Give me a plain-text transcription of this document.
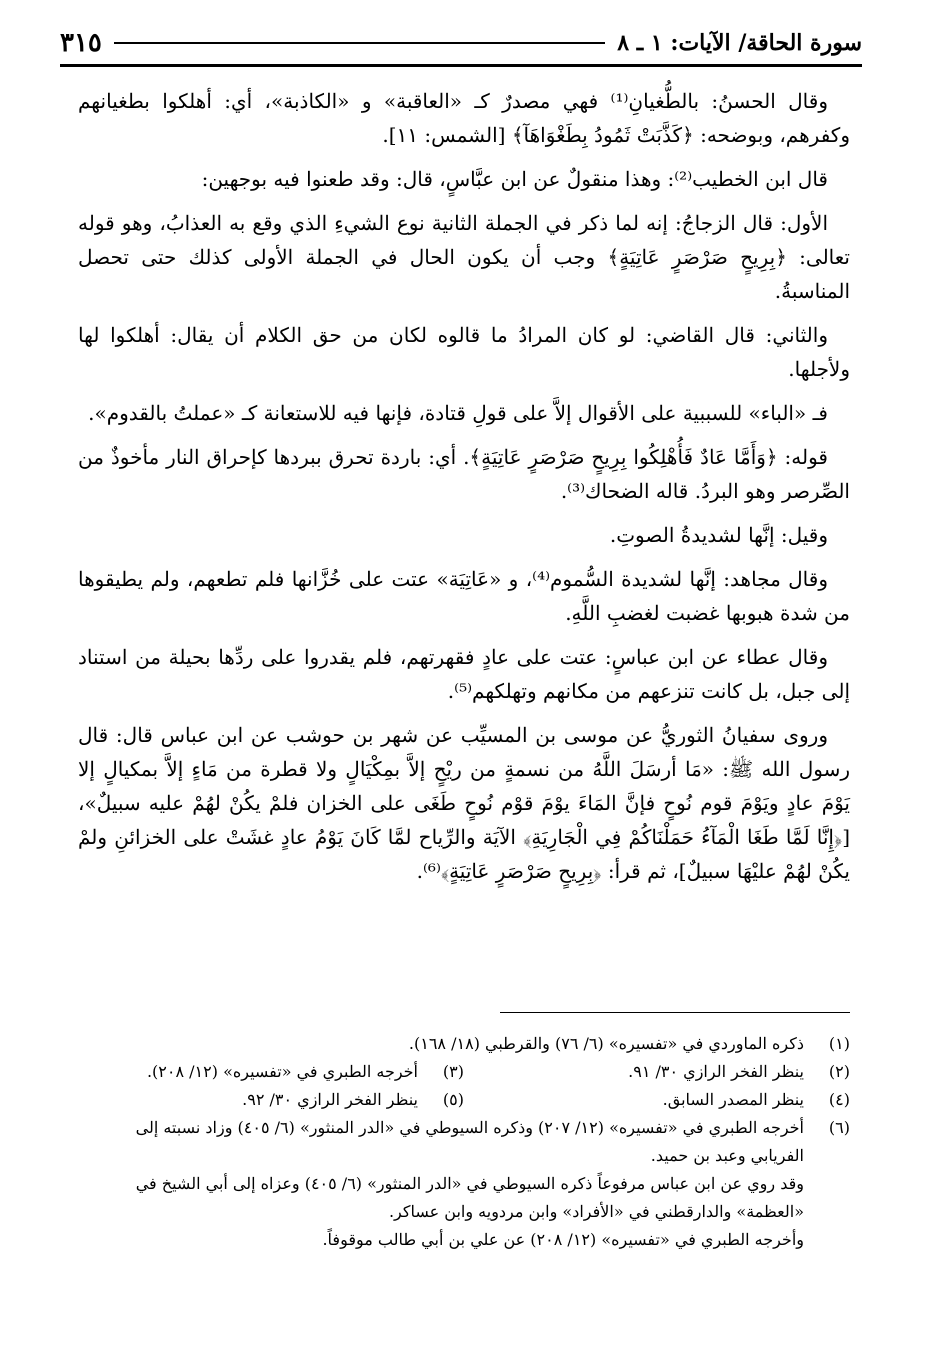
سورة الحاقة/ الآيات: ١ ـ ٨
٣١٥

وقال الحسنُ: بالطُّغيانِ⁽¹⁾ فهي مصدرٌ كـ «العاقبة» و «الكاذبة»، أي: أهلكوا بطغيانهم وكفرهم، وبوضحه: ﴿كَذَّبَتْ ثَمُودُ بِطَغْوَاهَآ﴾ [الشمس: ١١].

قال ابن الخطيب⁽²⁾: وهذا منقولٌ عن ابن عبَّاسٍ، قال: وقد طعنوا فيه بوجهين:

الأول: قال الزجاجُ: إنه لما ذكر في الجملة الثانية نوع الشيءِ الذي وقع به العذابُ، وهو قوله تعالى: ﴿بِرِيحٍ صَرْصَرٍ عَاتِيَةٍ﴾ وجب أن يكون الحال في الجملة الأولى كذلك حتى تحصل المناسبةُ.

والثاني: قال القاضي: لو كان المرادُ ما قالوه لكان من حق الكلام أن يقال: أهلكوا لها ولأجلها.

فـ «الباء» للسببية على الأقوال إلاَّ على قولِ قتادة، فإنها فيه للاستعانة كـ «عملتُ بالقدوم».

قوله: ﴿وَأَمَّا عَادٌ فَأُهْلِكُوا بِرِيحٍ صَرْصَرٍ عَاتِيَةٍ﴾. أي: باردة تحرق ببردها كإحراق النار مأخوذٌ من الصِّرصر وهو البردُ. قاله الضحاك⁽³⁾.

وقيل: إنَّها لشديدةُ الصوتِ.

وقال مجاهد: إنَّها لشديدة السُّموم⁽⁴⁾، و «عَاتِيَة» عتت على خُزَّانها فلم تطعهم، ولم يطيقوها من شدة هبوبها غضبت لغضبِ اللَّهِ.

وقال عطاء عن ابن عباسٍ: عتت على عادٍ فقهرتهم، فلم يقدروا على ردِّها بحيلة من استناد إلى جبل، بل كانت تنزعهم من مكانهم وتهلكهم⁽⁵⁾.

وروى سفيانُ الثوريُّ عن موسى بن المسيِّب عن شهر بن حوشب عن ابن عباس قال: قال رسول الله ﷺ: «مَا أرسَلَ اللَّهُ من نسمةٍ من ريْحٍ إلاَّ بمِكْيَالٍ ولا قطرة من مَاءٍ إلاَّ بمكيالٍ إلا يَوْمَ عادٍ ويَوْمَ قوم نُوحٍ فإنَّ المَاءَ يوْمَ قوْم نُوحٍ طَغَى على الخزان فلمْ يكُنْ لهُمْ عليه سبيلٌ»، [﴿إِنَّا لَمَّا طَغَا الْمَآءُ حَمَلْنَاكُمْ فِي الْجَارِيَةِ﴾ الآيَة والرِّياح لمَّا كَانَ يَوْمُ عادٍ غشَتْ على الخزائنِ ولمْ يكُنْ لهُمْ عليْهَا سبيلٌ]، ثم قرأ: ﴿بِرِيحٍ صَرْصَرٍ عَاتِيَةٍ﴾⁽⁶⁾.

(١)
ذكره الماوردي في «تفسيره» (٦/ ٧٦) والقرطبي (١٨/ ١٦٨).
(٢)
ينظر الفخر الرازي ٣٠/ ٩١.
(٣)
أخرجه الطبري في «تفسيره» (١٢/ ٢٠٨).
(٤)
ينظر المصدر السابق.
(٥)
ينظر الفخر الرازي ٣٠/ ٩٢.
(٦)
أخرجه الطبري في «تفسيره» (١٢/ ٢٠٧) وذكره السيوطي في «الدر المنثور» (٦/ ٤٠٥) وزاد نسبته إلى الفريابي وعبد بن حميد.
وقد روي عن ابن عباس مرفوعاً ذكره السيوطي في «الدر المنثور» (٦/ ٤٠٥) وعزاه إلى أبي الشيخ في «العظمة» والدارقطني في «الأفراد» وابن مردويه وابن عساكر.
وأخرجه الطبري في «تفسيره» (١٢/ ٢٠٨) عن علي بن أبي طالب موقوفاً.
